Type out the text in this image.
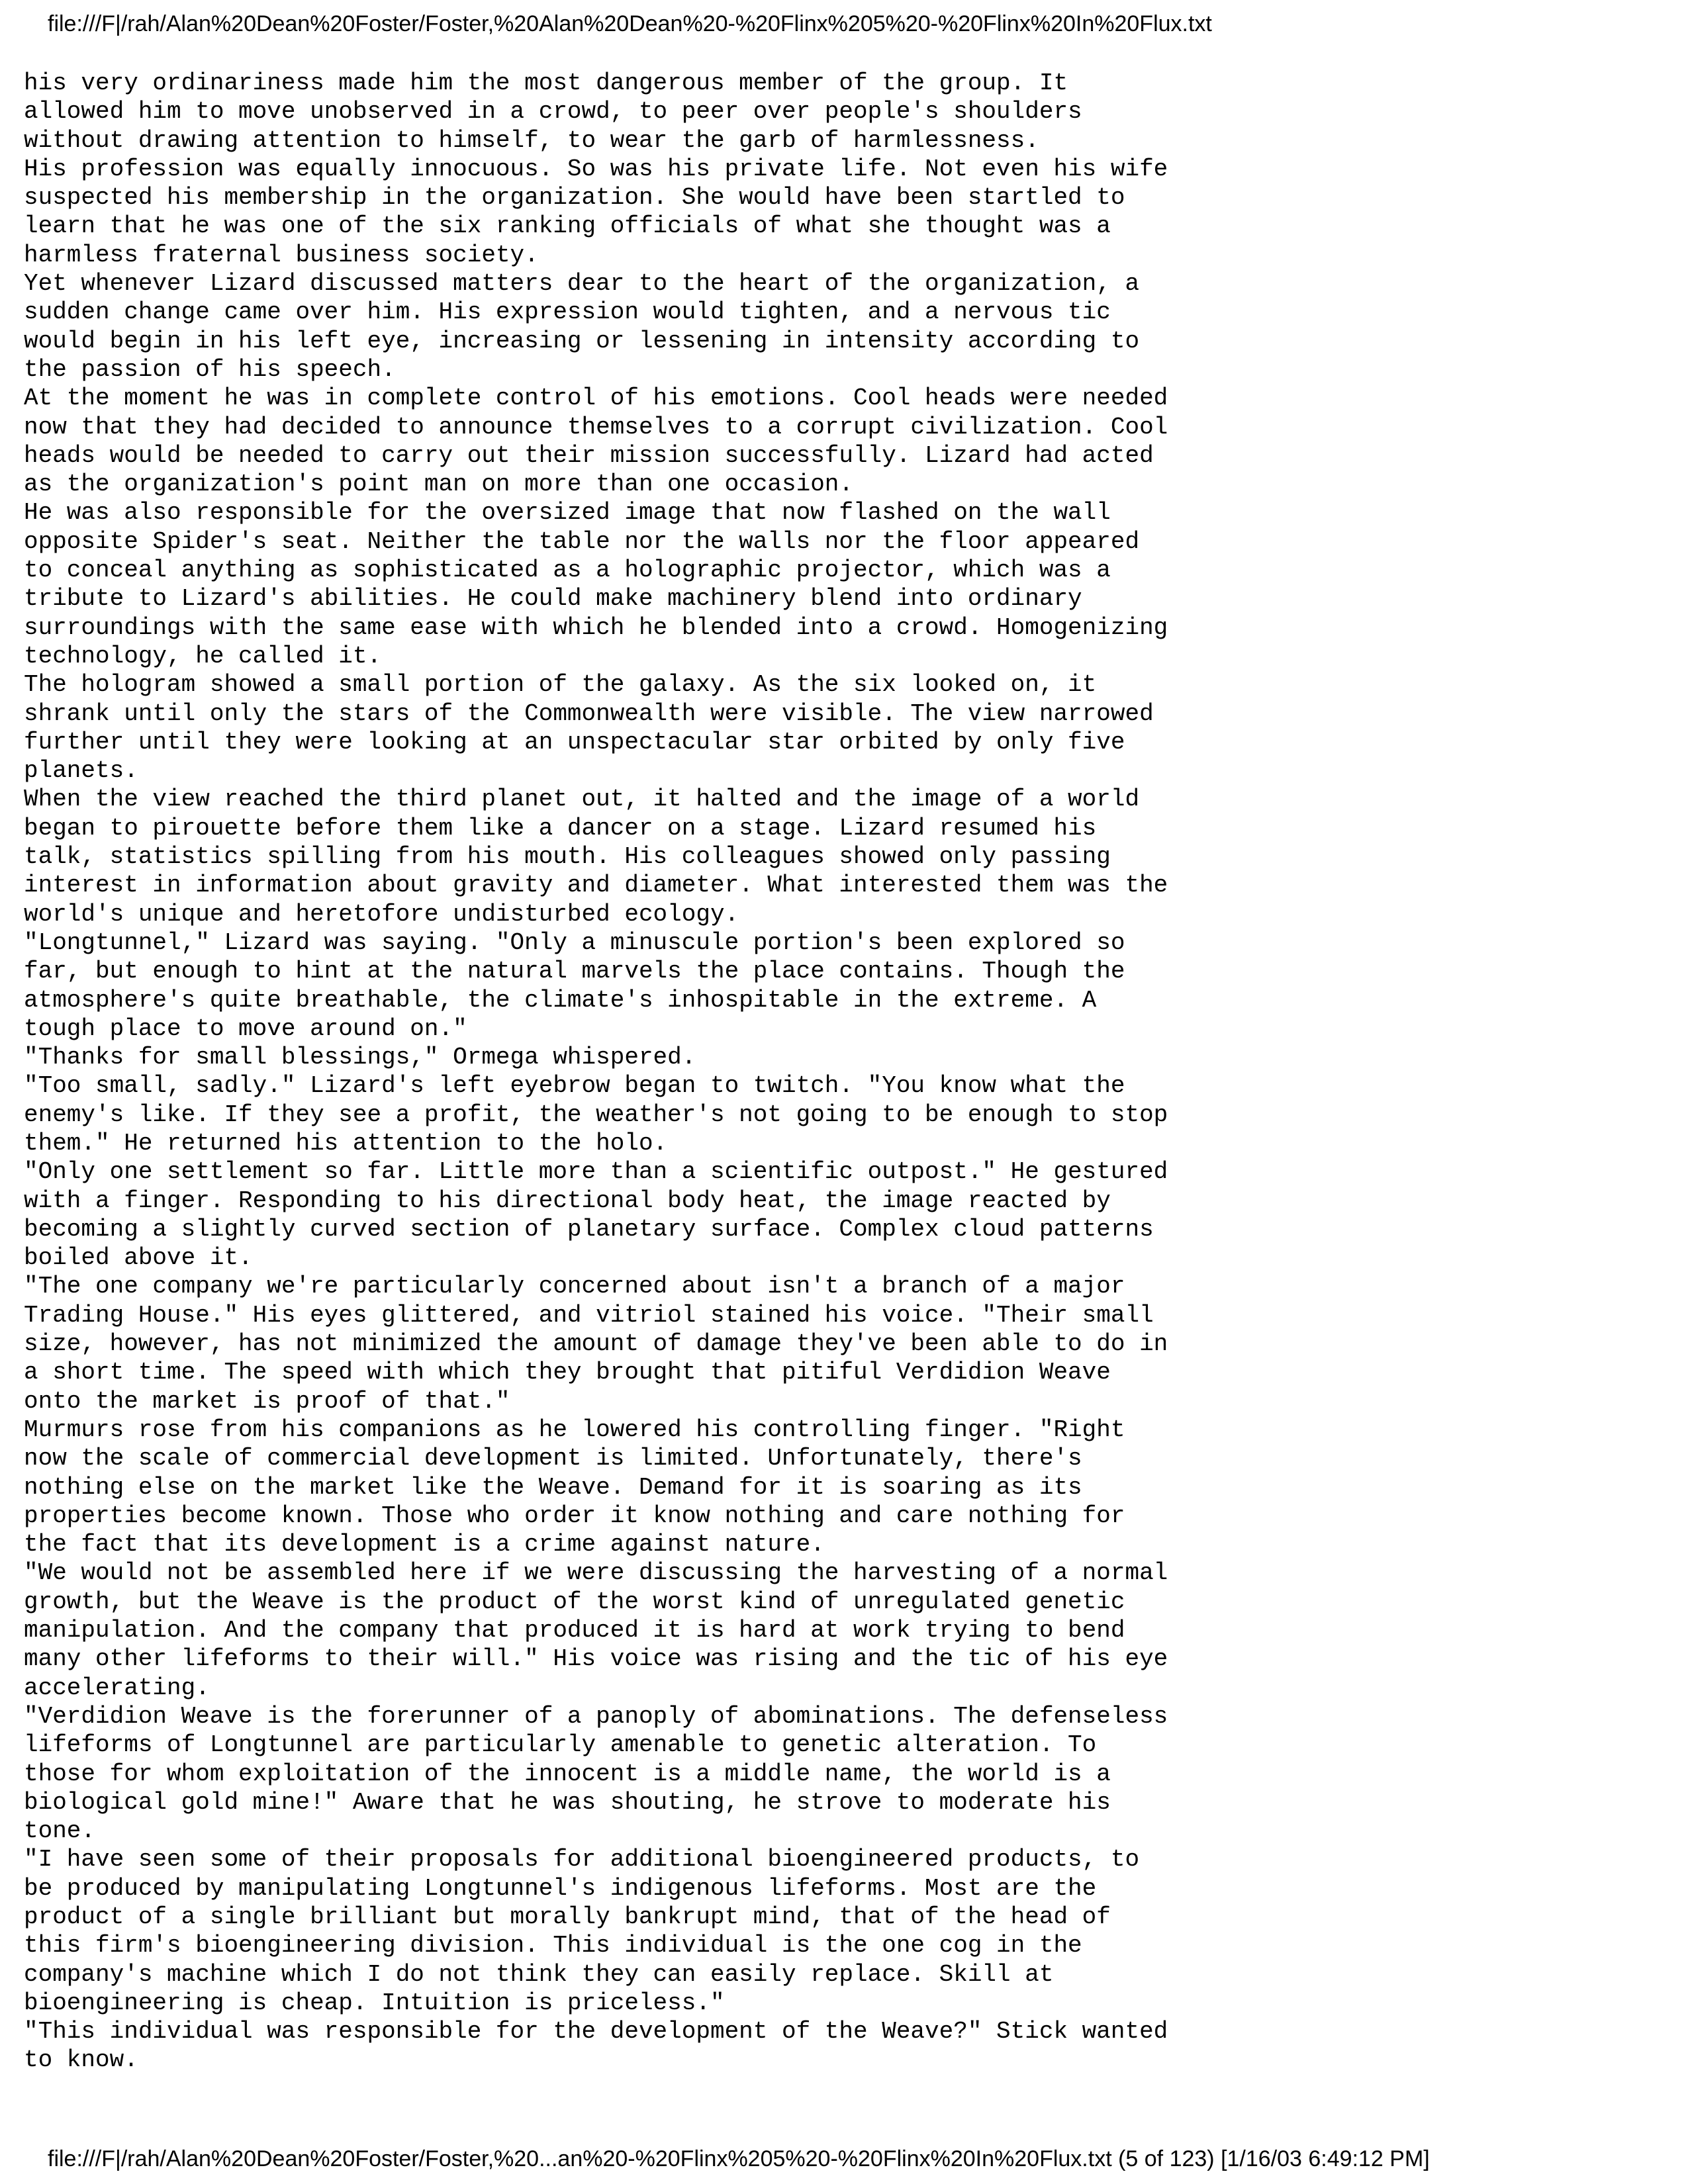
file:///F|/rah/Alan%20Dean%20Foster/Foster,%20Alan%20Dean%20-%20Flinx%205%20-%20Flinx%20In%20Flux.txt
his very ordinariness made him the most dangerous member of the group. It
allowed him to move unobserved in a crowd, to peer over people's shoulders
without drawing attention to himself, to wear the garb of harmlessness.
His profession was equally innocuous. So was his private life. Not even his wife
suspected his membership in the organization. She would have been startled to
learn that he was one of the six ranking officials of what she thought was a
harmless fraternal business society.
Yet whenever Lizard discussed matters dear to the heart of the organization, a
sudden change came over him. His expression would tighten, and a nervous tic
would begin in his left eye, increasing or lessening in intensity according to
the passion of his speech.
At the moment he was in complete control of his emotions. Cool heads were needed
now that they had decided to announce themselves to a corrupt civilization. Cool
heads would be needed to carry out their mission successfully. Lizard had acted
as the organization's point man on more than one occasion.
He was also responsible for the oversized image that now flashed on the wall
opposite Spider's seat. Neither the table nor the walls nor the floor appeared
to conceal anything as sophisticated as a holographic projector, which was a
tribute to Lizard's abilities. He could make machinery blend into ordinary
surroundings with the same ease with which he blended into a crowd. Homogenizing
technology, he called it.
The hologram showed a small portion of the galaxy. As the six looked on, it
shrank until only the stars of the Commonwealth were visible. The view narrowed
further until they were looking at an unspectacular star orbited by only five
planets.
When the view reached the third planet out, it halted and the image of a world
began to pirouette before them like a dancer on a stage. Lizard resumed his
talk, statistics spilling from his mouth. His colleagues showed only passing
interest in information about gravity and diameter. What interested them was the
world's unique and heretofore undisturbed ecology.
"Longtunnel," Lizard was saying. "Only a minuscule portion's been explored so
far, but enough to hint at the natural marvels the place contains. Though the
atmosphere's quite breathable, the climate's inhospitable in the extreme. A
tough place to move around on."
"Thanks for small blessings," Ormega whispered.
"Too small, sadly." Lizard's left eyebrow began to twitch. "You know what the
enemy's like. If they see a profit, the weather's not going to be enough to stop
them." He returned his attention to the holo.
"Only one settlement so far. Little more than a scientific outpost." He gestured
with a finger. Responding to his directional body heat, the image reacted by
becoming a slightly curved section of planetary surface. Complex cloud patterns
boiled above it.
"The one company we're particularly concerned about isn't a branch of a major
Trading House." His eyes glittered, and vitriol stained his voice. "Their small
size, however, has not minimized the amount of damage they've been able to do in
a short time. The speed with which they brought that pitiful Verdidion Weave
onto the market is proof of that."
Murmurs rose from his companions as he lowered his controlling finger. "Right
now the scale of commercial development is limited. Unfortunately, there's
nothing else on the market like the Weave. Demand for it is soaring as its
properties become known. Those who order it know nothing and care nothing for
the fact that its development is a crime against nature.
"We would not be assembled here if we were discussing the harvesting of a normal
growth, but the Weave is the product of the worst kind of unregulated genetic
manipulation. And the company that produced it is hard at work trying to bend
many other lifeforms to their will." His voice was rising and the tic of his eye
accelerating.
"Verdidion Weave is the forerunner of a panoply of abominations. The defenseless
lifeforms of Longtunnel are particularly amenable to genetic alteration. To
those for whom exploitation of the innocent is a middle name, the world is a
biological gold mine!" Aware that he was shouting, he strove to moderate his
tone.
"I have seen some of their proposals for additional bioengineered products, to
be produced by manipulating Longtunnel's indigenous lifeforms. Most are the
product of a single brilliant but morally bankrupt mind, that of the head of
this firm's bioengineering division. This individual is the one cog in the
company's machine which I do not think they can easily replace. Skill at
bioengineering is cheap. Intuition is priceless."
"This individual was responsible for the development of the Weave?" Stick wanted
to know.
file:///F|/rah/Alan%20Dean%20Foster/Foster,%20...an%20-%20Flinx%205%20-%20Flinx%20In%20Flux.txt (5 of 123) [1/16/03 6:49:12 PM]
